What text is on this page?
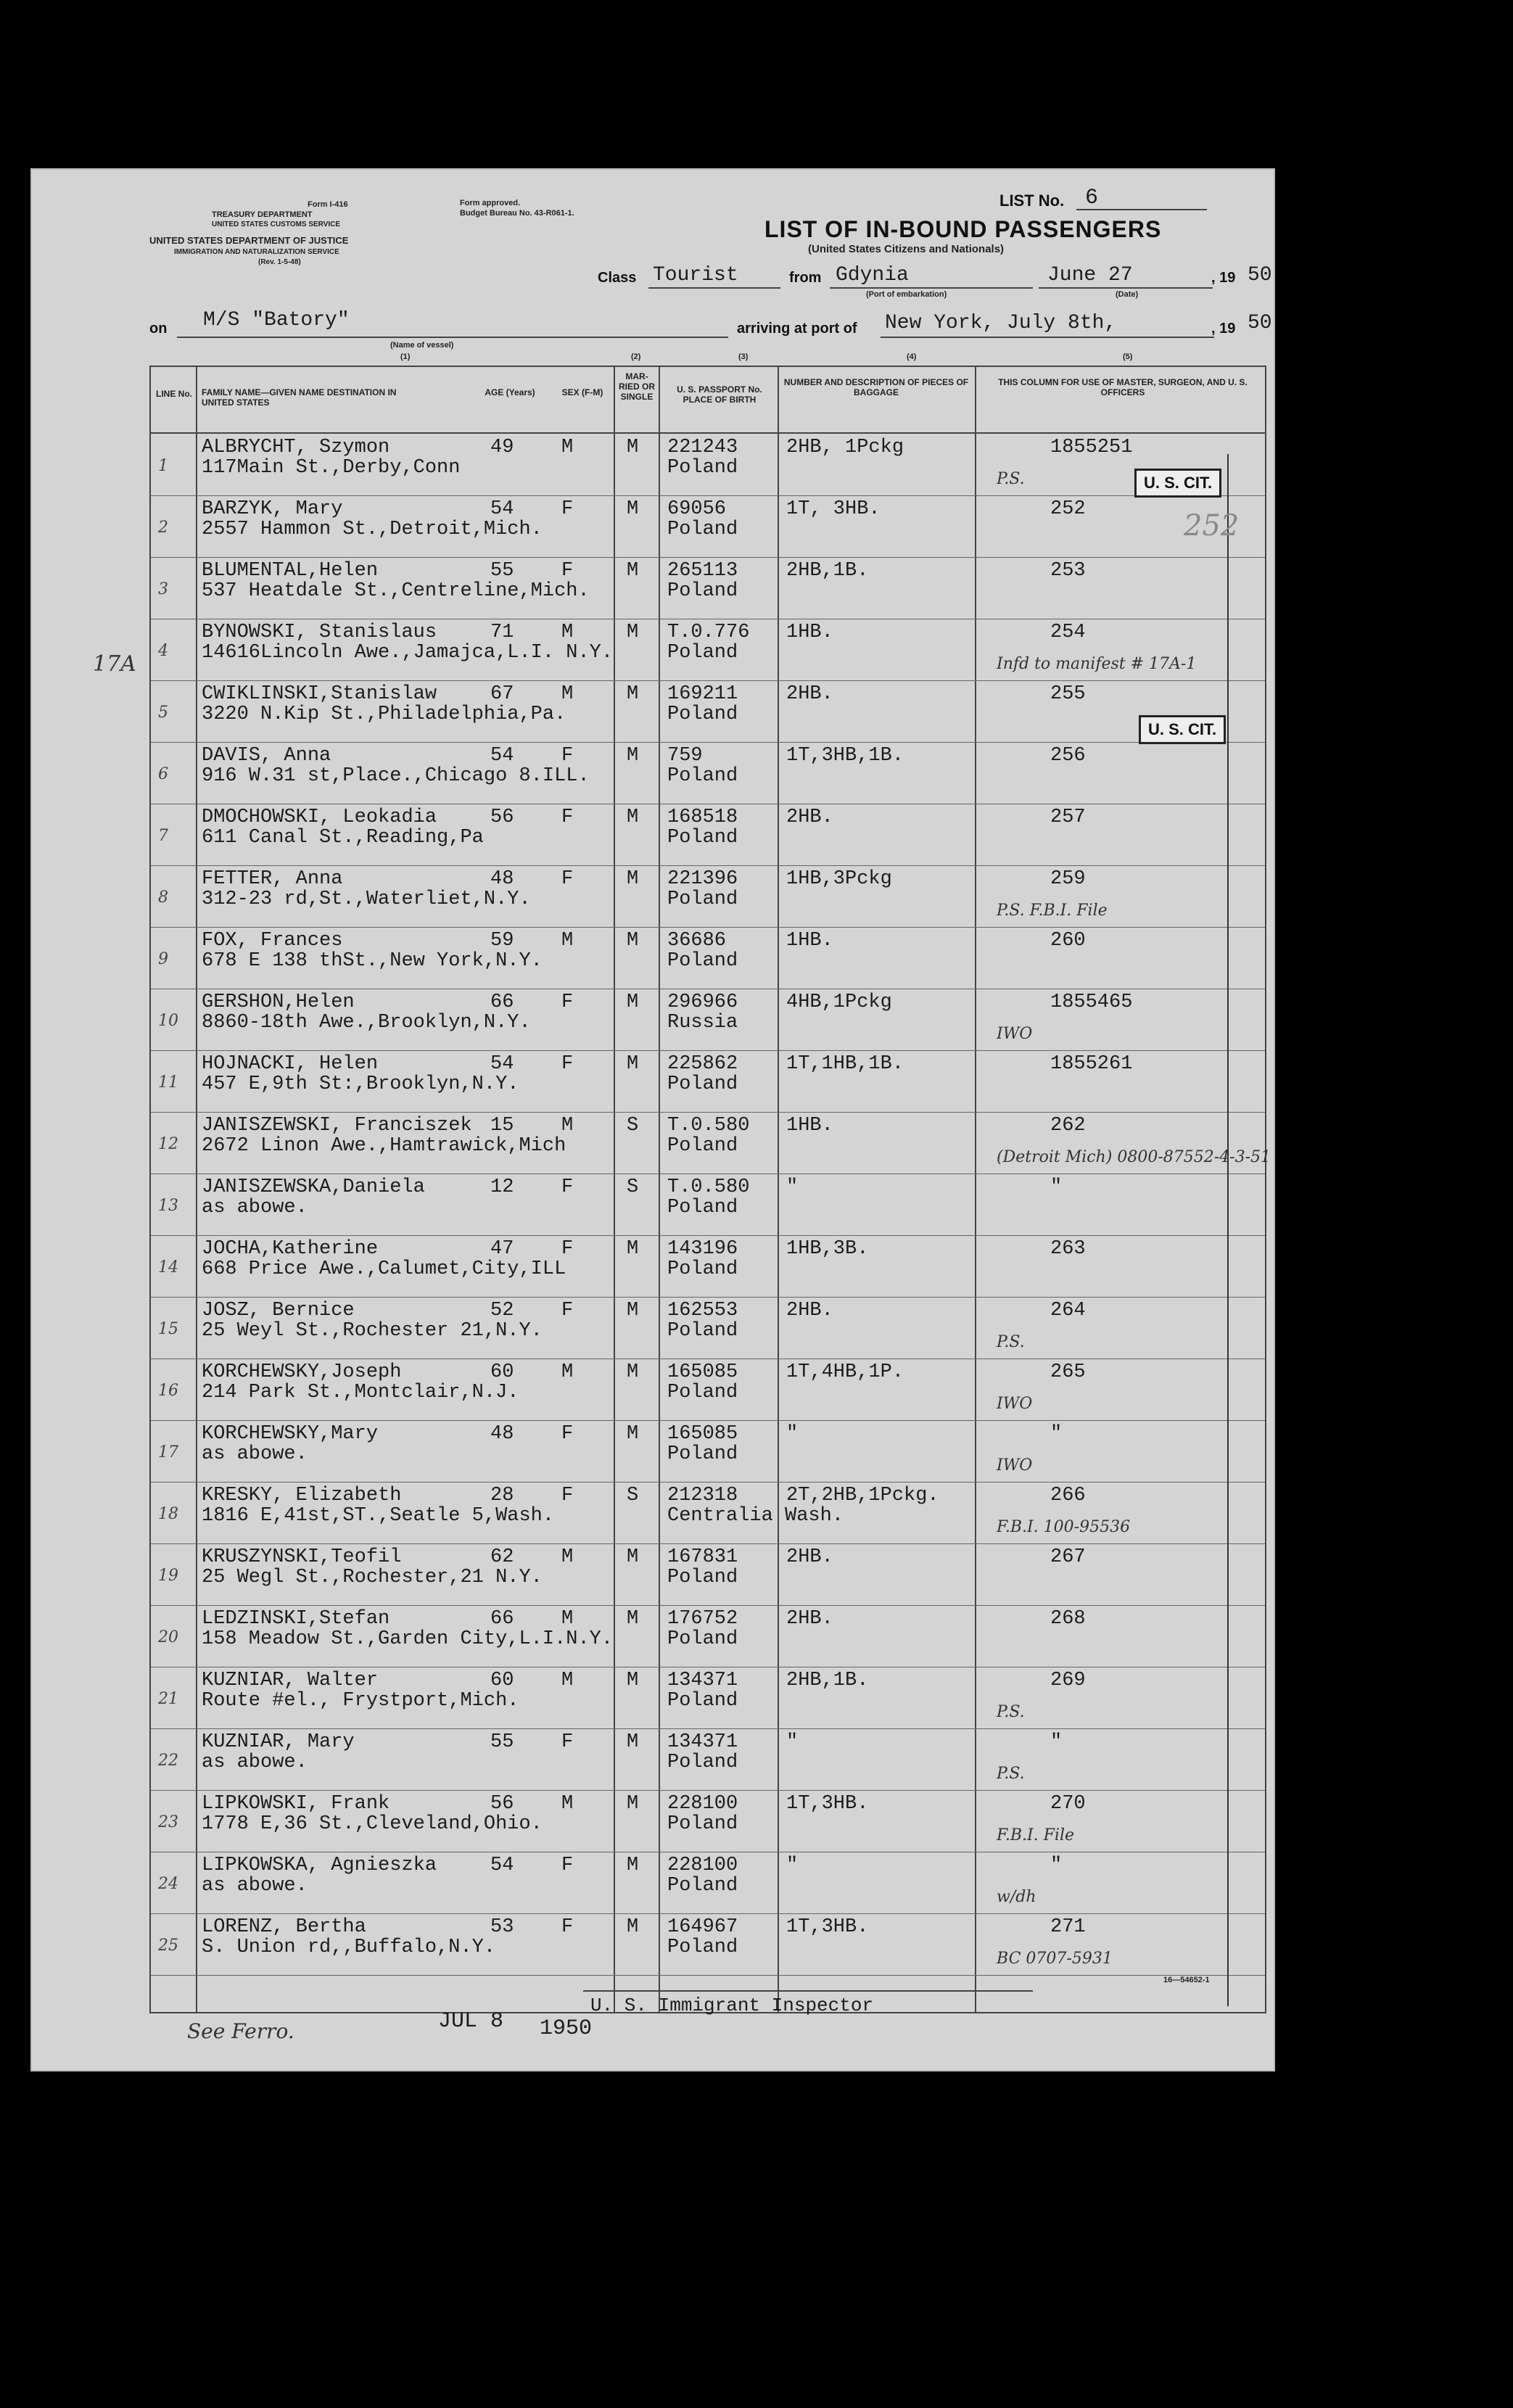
Form I-416
TREASURY DEPARTMENT
UNITED STATES CUSTOMS SERVICE
UNITED STATES DEPARTMENT OF JUSTICE
IMMIGRATION AND NATURALIZATION SERVICE
(Rev. 1-5-48)
Form approved.
Budget Bureau No. 43-R061-1.
LIST No. 6
LIST OF IN-BOUND PASSENGERS
(United States Citizens and Nationals)
Class Tourist	from Gdynia
(Port of embarkation)
June 27
(Date)
, 19 50
on M/S "Batory"
(Name of vessel)
arriving at port of New York, July 8th,	, 19 50
(1)	(2)	(3)	(4)	(5)
LINE No. FAMILY NAME—GIVEN NAME DESTINATION IN UNITED STATES
AGE (Years)	SEX (F-M)
MAR- RIED OR SINGLE
U. S. PASSPORT No. PLACE OF BIRTH
NUMBER AND DESCRIPTION OF PIECES OF BAGGAGE
THIS COLUMN FOR USE OF MASTER, SURGEON, AND U. S. OFFICERS
1
ALBRYCHT, Szymon
117Main St.,Derby,Conn
49 M	M 221243
Poland
2HB, 1Pckg	1855251
P.S.
2
BARZYK, Mary
2557 Hammon St.,Detroit,Mich.
54 F	M 69056
Poland
1T, 3HB.	252
3
BLUMENTAL,Helen
537 Heatdale St.,Centreline,Mich.
55 F	M 265113
Poland
2HB,1B.	253
4
BYNOWSKI, Stanislaus
14616Lincoln Awe.,Jamajca,L.I. N.Y.
71 M	M T.0.776
Poland
1HB.	254
Infd to manifest # 17A-1
5
CWIKLINSKI,Stanislaw
3220 N.Kip St.,Philadelphia,Pa.
67 M	M 169211
Poland
2HB.	255
6
DAVIS, Anna
916 W.31 st,Place.,Chicago 8.ILL.
54 F	M 759
Poland
1T,3HB,1B.	256
7
DMOCHOWSKI, Leokadia
611 Canal St.,Reading,Pa
56 F	M 168518
Poland
2HB.	257
8
FETTER, Anna
312-23 rd,St.,Waterliet,N.Y.
48 F	M 221396
Poland
1HB,3Pckg	259
P.S. F.B.I. File
9
FOX, Frances
678 E 138 thSt.,New York,N.Y.
59 M	M 36686
Poland
1HB.	260
10
GERSHON,Helen
8860-18th Awe.,Brooklyn,N.Y.
66 F	M 296966
Russia
4HB,1Pckg	1855465
IWO
11
HOJNACKI, Helen
457 E,9th St:,Brooklyn,N.Y.
54 F	M 225862
Poland
1T,1HB,1B.	1855261
12
JANISZEWSKI, Franciszek
2672 Linon Awe.,Hamtrawick,Mich
15 M	S T.0.580
Poland
1HB.	262
(Detroit Mich) 0800-87552-4-3-51
13
JANISZEWSKA,Daniela
as abowe.
12 F	S T.0.580
Poland
"	"
14
JOCHA,Katherine
668 Price Awe.,Calumet,City,ILL
47 F	M 143196
Poland
1HB,3B.	263
15
JOSZ, Bernice
25 Weyl St.,Rochester 21,N.Y.
52 F	M 162553
Poland
2HB.	264
P.S.
16
KORCHEWSKY,Joseph
214 Park St.,Montclair,N.J.
60 M	M 165085
Poland
1T,4HB,1P.	265
IWO
17
KORCHEWSKY,Mary
as abowe.
48 F	M 165085
Poland
"	"
IWO
18
KRESKY, Elizabeth
1816 E,41st,ST.,Seatle 5,Wash.
28 F	S 212318
Centralia Wash.
2T,2HB,1Pckg.	266
F.B.I. 100-95536
19
KRUSZYNSKI,Teofil
25 Wegl St.,Rochester,21 N.Y.
62 M	M 167831
Poland
2HB.	267
20
LEDZINSKI,Stefan
158 Meadow St.,Garden City,L.I.N.Y.
66 M	M 176752
Poland
2HB.	268
21
KUZNIAR, Walter
Route #el., Frystport,Mich.
60 M	M 134371
Poland
2HB,1B.	269
P.S.
22
KUZNIAR, Mary
as abowe.
55 F	M 134371
Poland
"	"
P.S.
23
LIPKOWSKI, Frank
1778 E,36 St.,Cleveland,Ohio.
56 M	M 228100
Poland
1T,3HB.	270
F.B.I. File
24
LIPKOWSKA, Agnieszka
as abowe.
54 F	M 228100
Poland
"	"
w/dh
25
LORENZ, Bertha
S. Union rd,,Buffalo,N.Y.
53 F	M 164967
Poland
1T,3HB.	271
BC 0707-5931
U. S. CIT.
U. S. CIT.
252
17A
See Ferro.	JUL 8 1950
U. S. Immigrant Inspector
16—54652-1
